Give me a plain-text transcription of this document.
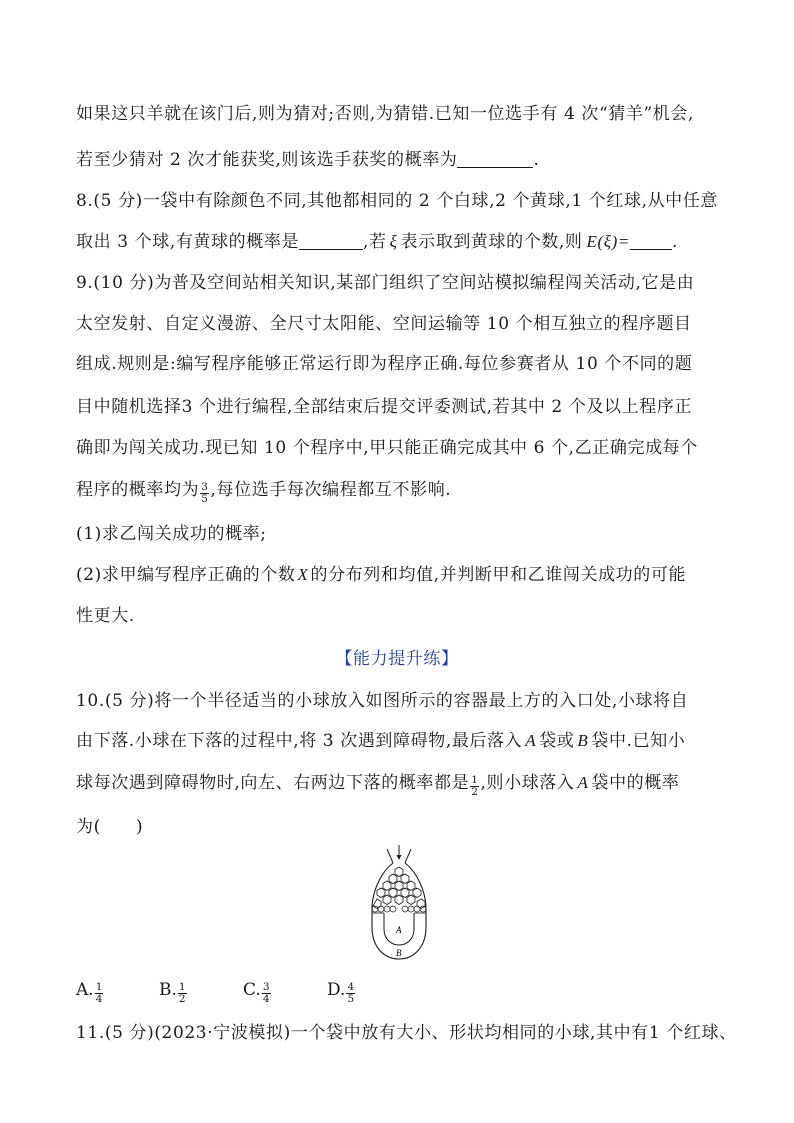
如果这只羊就在该门后,则为猜对;否则,为猜错.已知一位选手有 4 次“猜羊”机会,
若至少猜对 2 次才能获奖,则该选手获奖的概率为	.
8.(5 分)一袋中有除颜色不同,其他都相同的 2 个白球,2 个黄球,1 个红球,从中任意
取出 3 个球,有黄球的概率是	,若 ξ 表示取到黄球的个数,则 E(ξ)= .
9.(10 分)为普及空间站相关知识,某部门组织了空间站模拟编程闯关活动,它是由
太空发射、自定义漫游、全尺寸太阳能、空间运输等 10 个相互独立的程序题目
组成.规则是:编写程序能够正常运行即为程序正确.每位参赛者从 10 个不同的题
目中随机选择3 个进行编程,全部结束后提交评委测试,若其中 2 个及以上程序正
确即为闯关成功.现已知 10 个程序中,甲只能正确完成其中 6 个,乙正确完成每个
程序的概率均为 $\frac{3}{5}$ ,每位选手每次编程都互不影响.
(1)求乙闯关成功的概率;
(2)求甲编写程序正确的个数 X 的分布列和均值,并判断甲和乙谁闯关成功的可能
性更大.
【能力提升练】
10.(5 分)将一个半径适当的小球放入如图所示的容器最上方的入口处,小球将自
由下落.小球在下落的过程中,将 3 次遇到障碍物,最后落入 A 袋或 B 袋中.已知小
球每次遇到障碍物时,向左、右两边下落的概率都是 $\frac{1}{2}$ ,则小球落入 A 袋中的概率
为(　　)
A
B
A. $\frac{1}{4}$	B. $\frac{1}{2}$	C. $\frac{3}{4}$	D. $\frac{4}{5}$
11.(5 分)(2023·宁波模拟)一个袋中放有大小、形状均相同的小球,其中有1 个红球、
